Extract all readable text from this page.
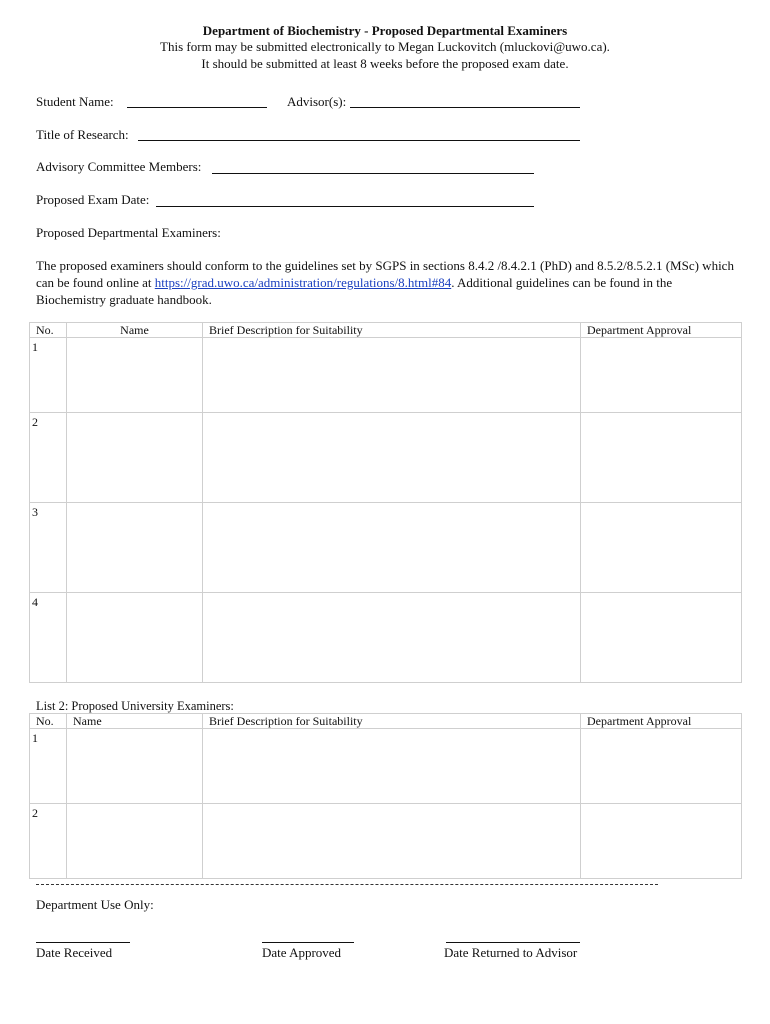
Department of Biochemistry - Proposed Departmental Examiners
This form may be submitted electronically to Megan Luckovitch (mluckovi@uwo.ca).
It should be submitted at least 8 weeks before the proposed exam date.
Student Name:	Advisor(s):
Title of Research:
Advisory Committee Members:
Proposed Exam Date:
Proposed Departmental Examiners:
The proposed examiners should conform to the guidelines set by SGPS in sections 8.4.2 /8.4.2.1 (PhD) and 8.5.2/8.5.2.1 (MSc) which can be found online at https://grad.uwo.ca/administration/regulations/8.html#84. Additional guidelines can be found in the Biochemistry graduate handbook.
No.	Name	Brief Description for Suitability	Department Approval
1			
2			
3			
4			
List 2: Proposed University Examiners:
No.	Name	Brief Description for Suitability	Department Approval
1			
2			
Department Use Only:
Date Received	Date Approved	Date Returned to Advisor
